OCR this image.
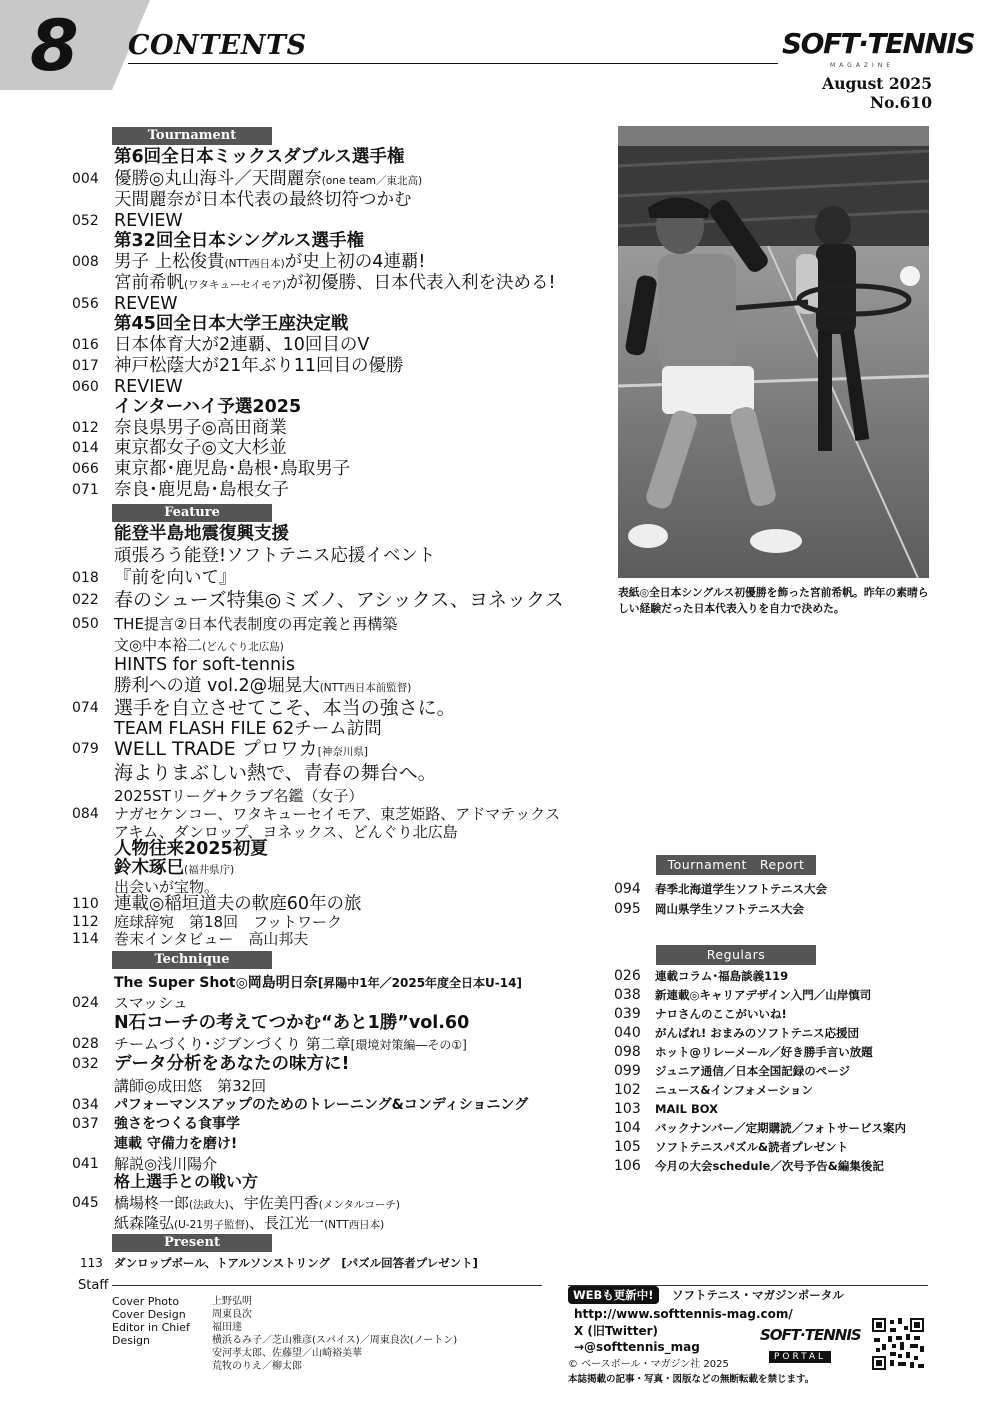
8 CONTENTS	SOFT·TENNIS
MAGAZINE
August 2025 No.610
Tournament
Feature
Technique
Present
第6回全日本ミックスダブルス選手権
004 優勝◎丸山海斗／天間麗奈(one team／東北高)
天間麗奈が日本代表の最終切符つかむ
052 REVIEW
第32回全日本シングルス選手権
008 男子 上松俊貴(NTT西日本)が史上初の4連覇!
宮前希帆(ワタキューセイモア)が初優勝、日本代表入利を決める!
056 REVEW
第45回全日本大学王座決定戦
016 日本体育大が2連覇、10回目のV
017 神戸松蔭大が21年ぶり11回目の優勝
060 REVIEW
インターハイ予選2025
012 奈良県男子◎高田商業
014 東京都女子◎文大杉並
066 東京都･鹿児島･島根･鳥取男子
071 奈良･鹿児島･島根女子
能登半島地震復興支援
頑張ろう能登!ソフトテニス応援イベント
018 『前を向いて』
022 春のシューズ特集◎ミズノ、アシックス、ヨネックス
050	THE提言②日本代表制度の再定義と再構築
文◎中本裕二(どんぐり北広島)
HINTS for soft-tennis
勝利への道 vol.2@堀晃大(NTT西日本前監督)
074 選手を自立させてこそ、本当の強さに。
TEAM FLASH FILE 62チーム訪問
079 WELL TRADE プロワカ[神奈川県]
海よりまぶしい熱で、青春の舞台へ。
2025STリーグ+クラブ名鑑（女子）
084	ナガセケンコー、ワタキューセイモア、東芝姫路、アドマテックス
アキム、ダンロップ、ヨネックス、どんぐり北広島
人物往来2025初夏
鈴木琢巳(福井県庁)
出会いが宝物。
110 連載◎稲垣道夫の軟庭60年の旅
112	庭球辞宛　第18回　フットワーク
114	巻末インタビュー　高山邦夫
The Super Shot◎岡島明日奈[昇陽中1年／2025年度全日本U-14]
024	スマッシュ
N石コーチの考えてつかむ“あと1勝”vol.60
028	チームづくり･ジブンづくり 第二章[環境対策編―その①]
032 データ分析をあなたの味方に!
講師◎成田悠　第32回
034	パフォーマンスアップのためのトレーニング&コンディショニング
037	強さをつくる食事学
連載 守備力を磨け!
041	解説◎浅川陽介
格上選手との戦い方
045	橋場柊一郎(法政大)、宇佐美円香(メンタルコーチ)
紙森隆弘(U-21男子監督)、長江光一(NTT西日本)
113 ダンロップボール、トアルソンストリング　[パズル回答者プレゼント]
表紙◎全日本シングルス初優勝を飾った宮前希帆。昨年の素晴らしい経験だった日本代表入りを自力で決めた。
Tournament　Report
094	春季北海道学生ソフトテニス大会
095	岡山県学生ソフトテニス大会
Regulars
026	連載コラム･福島談義119
038	新連載◎キャリアデザイン入門／山岸慎司
039	ナロさんのここがいいね!
040	がんばれ! おまみのソフトテニス応援団
098	ホット@リレーメール／好き勝手言い放題
099	ジュニア通信／日本全国記録のページ
102	ニュース&インフォメーション
103	MAIL BOX
104	バックナンバー／定期購読／フォトサービス案内
105	ソフトテニスパズル&読者プレゼント
106	今月の大会schedule／次号予告&編集後記
Staff
Cover Photo	上野弘明
Cover Design	周東良次
Editor in Chief 福田達
Design	横浜るみ子／芝山雅彦(スパイス)／周東良次(ノートン)
安河孝太郎、佐藤望／山崎裕美華
荒牧のりえ／柳太郎
WEBも更新中!	ソフトテニス・マガジンポータル
http://www.softtennis-mag.com/
X (旧Twitter)
→@softtennis_mag
SOFT·TENNIS
PORTAL
© ベースボール・マガジン社 2025
本誌掲載の記事・写真・図版などの無断転載を禁じます。
